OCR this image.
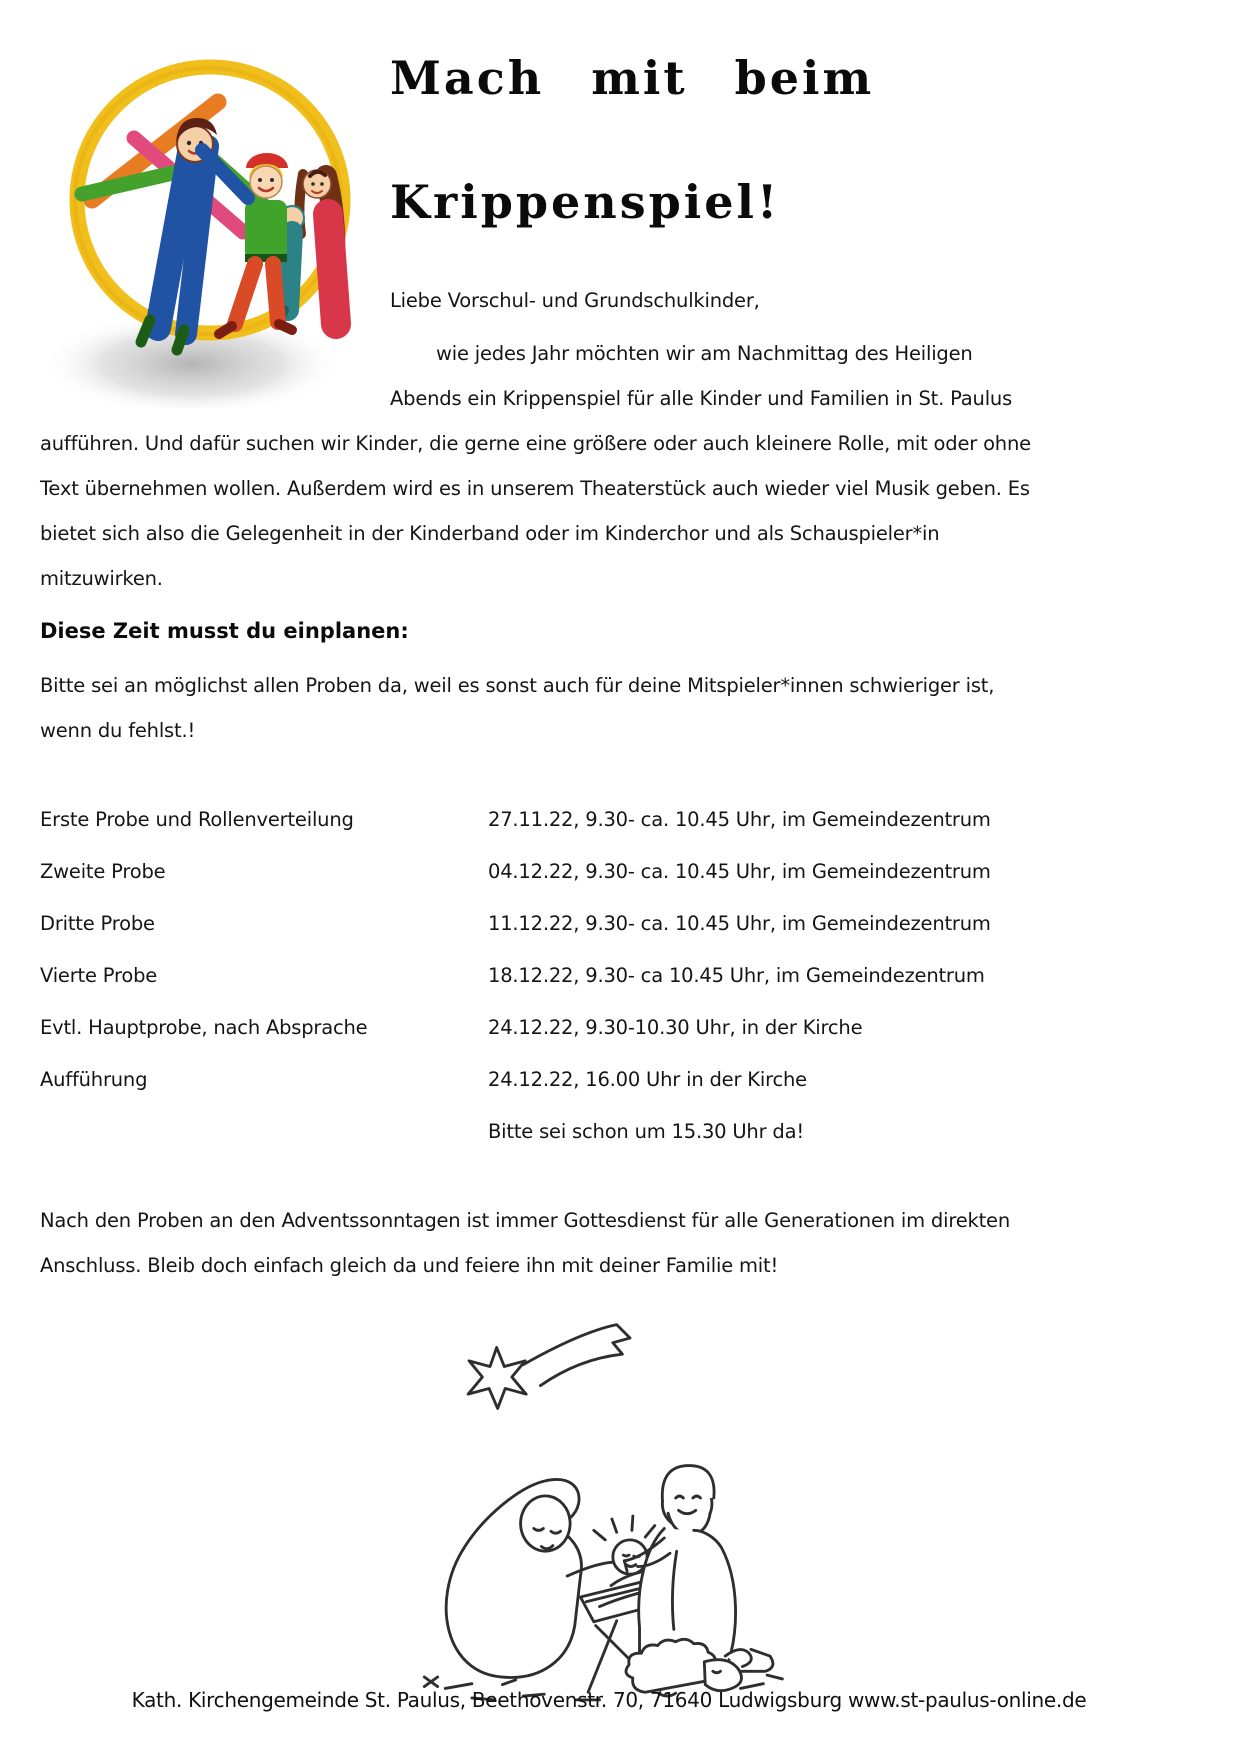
Mach mit beim
Krippenspiel!

Liebe Vorschul- und Grundschulkinder,

wie jedes Jahr möchten wir am Nachmittag des Heiligen Abends ein Krippenspiel für alle Kinder und Familien in St. Paulus aufführen. Und dafür suchen wir Kinder, die gerne eine größere oder auch kleinere Rolle, mit oder ohne Text übernehmen wollen. Außerdem wird es in unserem Theaterstück auch wieder viel Musik geben. Es bietet sich also die Gelegenheit in der Kinderband oder im Kinderchor und als Schauspieler*in mitzuwirken.

Diese Zeit musst du einplanen:

Bitte sei an möglichst allen Proben da, weil es sonst auch für deine Mitspieler*innen schwieriger ist, wenn du fehlst.!

Erste Probe und Rollenverteilung	27.11.22, 9.30- ca. 10.45 Uhr, im Gemeindezentrum
Zweite Probe	04.12.22, 9.30- ca. 10.45 Uhr, im Gemeindezentrum
Dritte Probe	11.12.22, 9.30- ca. 10.45 Uhr, im Gemeindezentrum
Vierte Probe	18.12.22, 9.30- ca 10.45 Uhr, im Gemeindezentrum
Evtl. Hauptprobe, nach Absprache	24.12.22, 9.30-10.30 Uhr, in der Kirche
Aufführung	24.12.22, 16.00 Uhr in der Kirche
Bitte sei schon um 15.30 Uhr da!

Nach den Proben an den Adventssonntagen ist immer Gottesdienst für alle Generationen im direkten Anschluss. Bleib doch einfach gleich da und feiere ihn mit deiner Familie mit!

Kath. Kirchengemeinde St. Paulus, Beethovenstr. 70, 71640 Ludwigsburg www.st-paulus-online.de
